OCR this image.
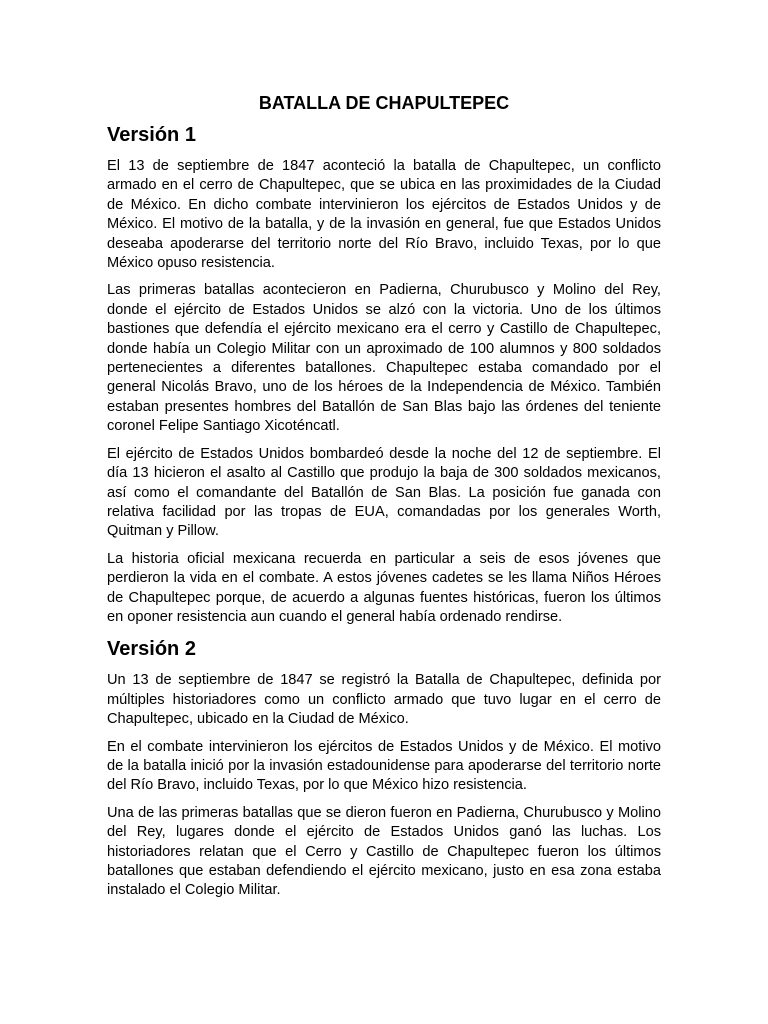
BATALLA DE CHAPULTEPEC
Versión 1

El 13 de septiembre de 1847 aconteció la batalla de Chapultepec, un conflicto armado en el cerro de Chapultepec, que se ubica en las proximidades de la Ciudad de México. En dicho combate intervinieron los ejércitos de Estados Unidos y de México. El motivo de la batalla, y de la invasión en general, fue que Estados Unidos deseaba apoderarse del territorio norte del Río Bravo, incluido Texas, por lo que México opuso resistencia.

Las primeras batallas acontecieron en Padierna, Churubusco y Molino del Rey, donde el ejército de Estados Unidos se alzó con la victoria. Uno de los últimos bastiones que defendía el ejército mexicano era el cerro y Castillo de Chapultepec, donde había un Colegio Militar con un aproximado de 100 alumnos y 800 soldados pertenecientes a diferentes batallones. Chapultepec estaba comandado por el general Nicolás Bravo, uno de los héroes de la Independencia de México. También estaban presentes hombres del Batallón de San Blas bajo las órdenes del teniente coronel Felipe Santiago Xicoténcatl.

El ejército de Estados Unidos bombardeó desde la noche del 12 de septiembre. El día 13 hicieron el asalto al Castillo que produjo la baja de 300 soldados mexicanos, así como el comandante del Batallón de San Blas. La posición fue ganada con relativa facilidad por las tropas de EUA, comandadas por los generales Worth, Quitman y Pillow.

La historia oficial mexicana recuerda en particular a seis de esos jóvenes que perdieron la vida en el combate. A estos jóvenes cadetes se les llama Niños Héroes de Chapultepec porque, de acuerdo a algunas fuentes históricas, fueron los últimos en oponer resistencia aun cuando el general había ordenado rendirse.

Versión 2

Un 13 de septiembre de 1847 se registró la Batalla de Chapultepec, definida por múltiples historiadores como un conflicto armado que tuvo lugar en el cerro de Chapultepec, ubicado en la Ciudad de México.

En el combate intervinieron los ejércitos de Estados Unidos y de México. El motivo de la batalla inició por la invasión estadounidense para apoderarse del territorio norte del Río Bravo, incluido Texas, por lo que México hizo resistencia.

Una de las primeras batallas que se dieron fueron en Padierna, Churubusco y Molino del Rey, lugares donde el ejército de Estados Unidos ganó las luchas. Los historiadores relatan que el Cerro y Castillo de Chapultepec fueron los últimos batallones que estaban defendiendo el ejército mexicano, justo en esa zona estaba instalado el Colegio Militar.
